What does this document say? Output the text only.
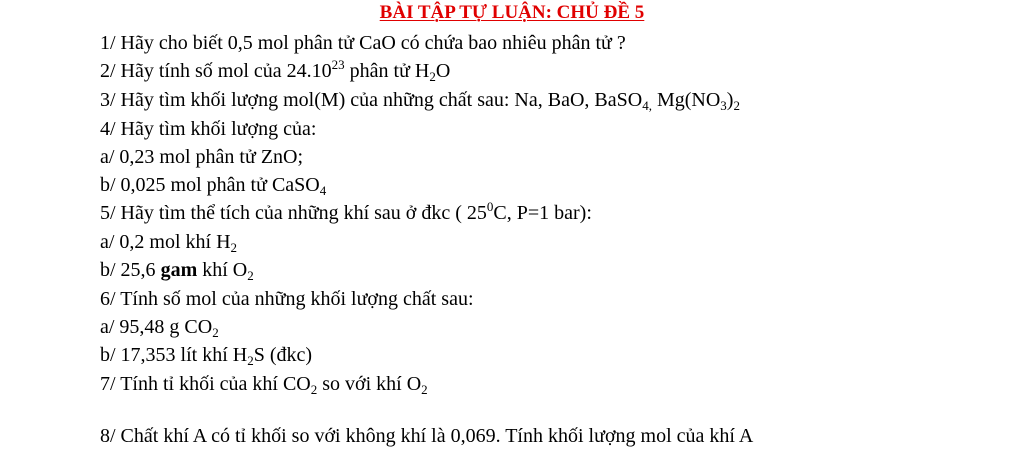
BÀI TẬP TỰ LUẬN: CHỦ ĐỀ 5
1/ Hãy cho biết 0,5 mol phân tử CaO có chứa bao nhiêu phân tử ?
2/ Hãy tính số mol của 24.10$^{23}$ phân tử $H_2O$
3/ Hãy tìm khối lượng mol(M) của những chất sau: Na, BaO, BaSO$_{4,}$ $Mg(NO_3)_2$
4/ Hãy tìm khối lượng của:
a/ 0,23 mol phân tử ZnO;
b/ 0,025 mol phân tử CaSO$_4$
5/ Hãy tìm thể tích của những khí sau ở đkc ( $25^0C$, P=1 bar):
a/ 0,2 mol khí $H_2$
b/ 25,6 gam khí $O_2$
6/ Tính số mol của những khối lượng chất sau:
a/ 95,48 g $CO_2$
b/ 17,353 lít khí $H_2S$ (đkc)
7/ Tính tỉ khối của khí $CO_2$ so với khí $O_2$
8/ Chất khí A có tỉ khối so với không khí là 0,069. Tính khối lượng mol của khí A
